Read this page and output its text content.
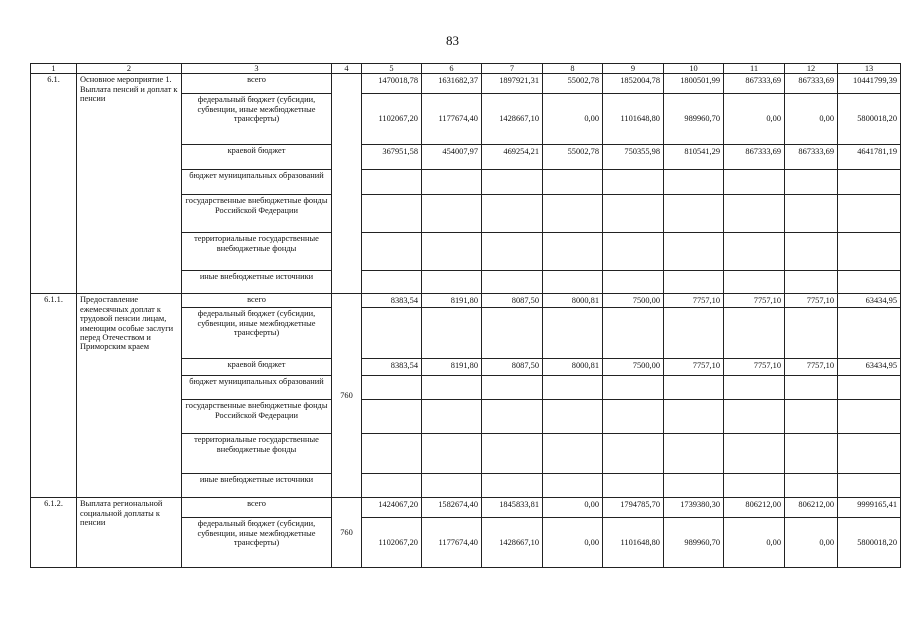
83
1	2	3	4	5	6	7	8	9	10	11	12	13
6.1.	Основное мероприятие 1. Выплата пенсий и доплат к пенсии	всего		1470018,78	1631682,37	1897921,31	55002,78	1852004,78	1800501,99	867333,69	867333,69	10441799,39
		федеральный бюджет (субсидии, субвенции, иные межбюджетные трансферты)		1102067,20	1177674,40	1428667,10	0,00	1101648,80	989960,70	0,00	0,00	5800018,20
		краевой бюджет		367951,58	454007,97	469254,21	55002,78	750355,98	810541,29	867333,69	867333,69	4641781,19
		бюджет муниципальных образований										
		государственные внебюджетные фонды Российской Федерации										
		территориальные государственные внебюджетные фонды										
		иные внебюджетные источники										
6.1.1.	Предоставление ежемесячных доплат к трудовой пенсии лицам, имеющим особые заслуги перед Отечеством и Приморским краем	всего	760	8383,54	8191,80	8087,50	8000,81	7500,00	7757,10	7757,10	7757,10	63434,95
		федеральный бюджет (субсидии, субвенции, иные межбюджетные трансферты)										
		краевой бюджет		8383,54	8191,80	8087,50	8000,81	7500,00	7757,10	7757,10	7757,10	63434,95
		бюджет муниципальных образований										
		государственные внебюджетные фонды Российской Федерации										
		территориальные государственные внебюджетные фонды										
		иные внебюджетные источники										
6.1.2.	Выплата региональной социальной доплаты к пенсии	всего	760	1424067,20	1582674,40	1845833,81	0,00	1794785,70	1739380,30	806212,00	806212,00	9999165,41
		федеральный бюджет (субсидии, субвенции, иные межбюджетные трансферты)		1102067,20	1177674,40	1428667,10	0,00	1101648,80	989960,70	0,00	0,00	5800018,20
